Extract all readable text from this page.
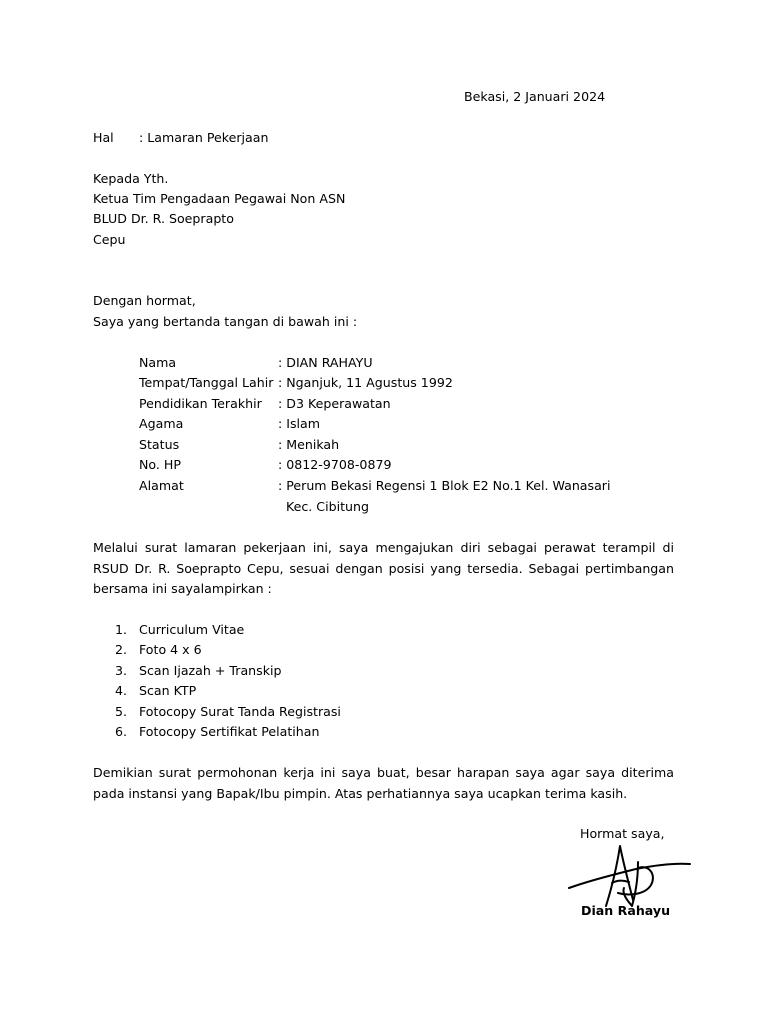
Bekasi, 2 Januari 2024
Hal : Lamaran Pekerjaan
Kepada Yth.
Ketua Tim Pengadaan Pegawai Non ASN
BLUD Dr. R. Soeprapto
Cepu
Dengan hormat,
Saya yang bertanda tangan di bawah ini :
Nama	: DIAN RAHAYU
Tempat/Tanggal Lahir : Nganjuk, 11 Agustus 1992
Pendidikan Terakhir : D3 Keperawatan
Agama	: Islam
Status	: Menikah
No. HP	: 0812-9708-0879
Alamat	: Perum Bekasi Regensi 1 Blok E2 No.1 Kel. Wanasari
Kec. Cibitung
Melalui surat lamaran pekerjaan ini, saya mengajukan diri sebagai perawat terampil di RSUD Dr. R. Soeprapto Cepu, sesuai dengan posisi yang tersedia. Sebagai pertimbangan bersama ini sayalampirkan :
1. Curriculum Vitae
2. Foto 4 x 6
3. Scan Ijazah + Transkip
4. Scan KTP
5. Fotocopy Surat Tanda Registrasi
6. Fotocopy Sertifikat Pelatihan
Demikian surat permohonan kerja ini saya buat, besar harapan saya agar saya diterima pada instansi yang Bapak/Ibu pimpin. Atas perhatiannya saya ucapkan terima kasih.
Hormat saya,
Dian Rahayu
